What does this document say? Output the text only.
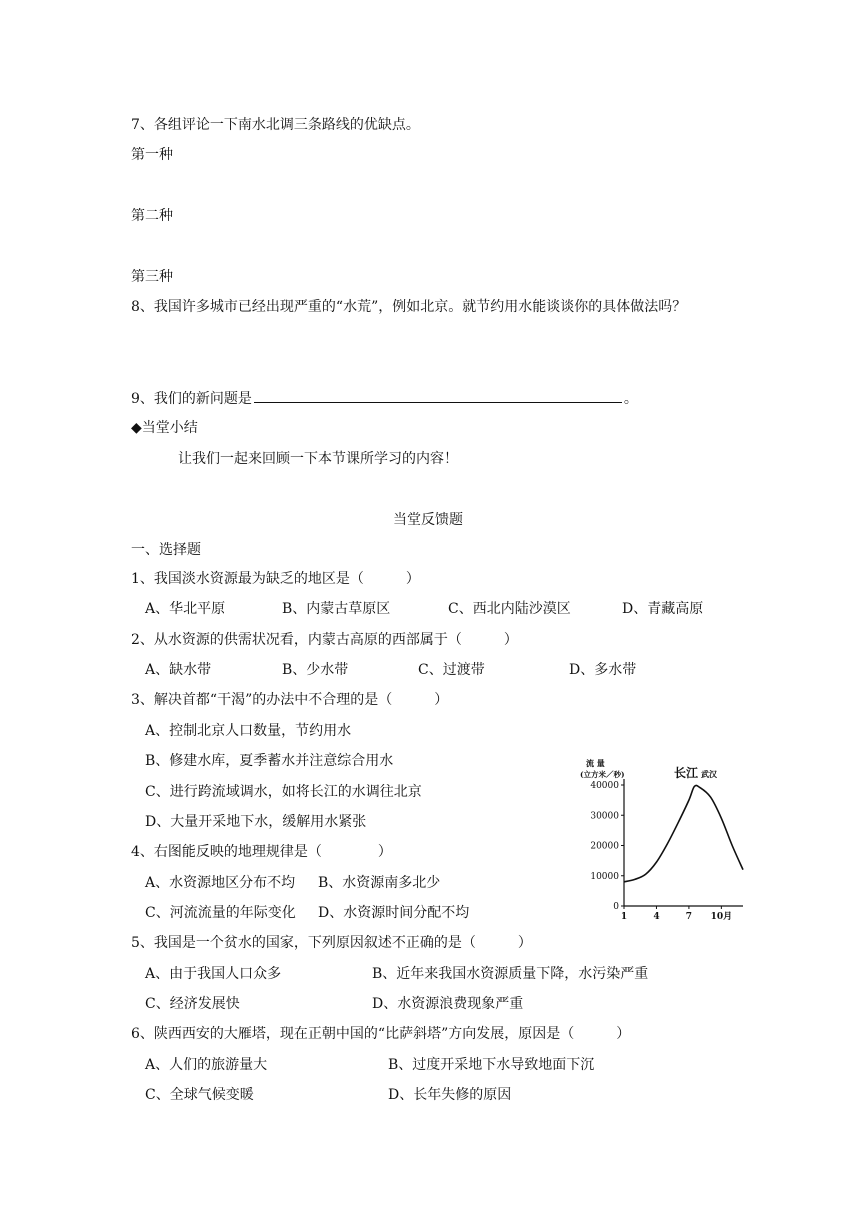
7、各组评论一下南水北调三条路线的优缺点。
第一种
第二种
第三种
8、我国许多城市已经出现严重的“水荒”，例如北京。就节约用水能谈谈你的具体做法吗？
9、我们的新问题是	。
◆当堂小结
让我们一起来回顾一下本节课所学习的内容！
当堂反馈题
一、选择题
1、我国淡水资源最为缺乏的地区是（　　　）
A、华北平原	B、内蒙古草原区	C、西北内陆沙漠区	D、青藏高原
2、从水资源的供需状况看，内蒙古高原的西部属于（　　　）
A、缺水带	B、少水带	C、过渡带	D、多水带
3、解决首都“干渴”的办法中不合理的是（　　　）
A、控制北京人口数量，节约用水
B、修建水库，夏季蓄水并注意综合用水
C、进行跨流域调水，如将长江的水调往北京
D、大量开采地下水，缓解用水紧张
4、右图能反映的地理规律是（　　　　）
A、水资源地区分布不均 B、水资源南多北少
C、河流流量的年际变化 D、水资源时间分配不均
5、我国是一个贫水的国家，下列原因叙述不正确的是（　　　）
A、由于我国人口众多	B、近年来我国水资源质量下降，水污染严重
C、经济发展快	D、水资源浪费现象严重
6、陕西西安的大雁塔，现在正朝中国的“比萨斜塔”方向发展，原因是（　　　）
A、人们的旅游量大	B、过度开采地下水导致地面下沉
C、全球气候变暖	D、长年失修的原因
流 量
(立方米／秒)	长江 武汉
0
10000
20000
30000
40000
1	4	7 10月
